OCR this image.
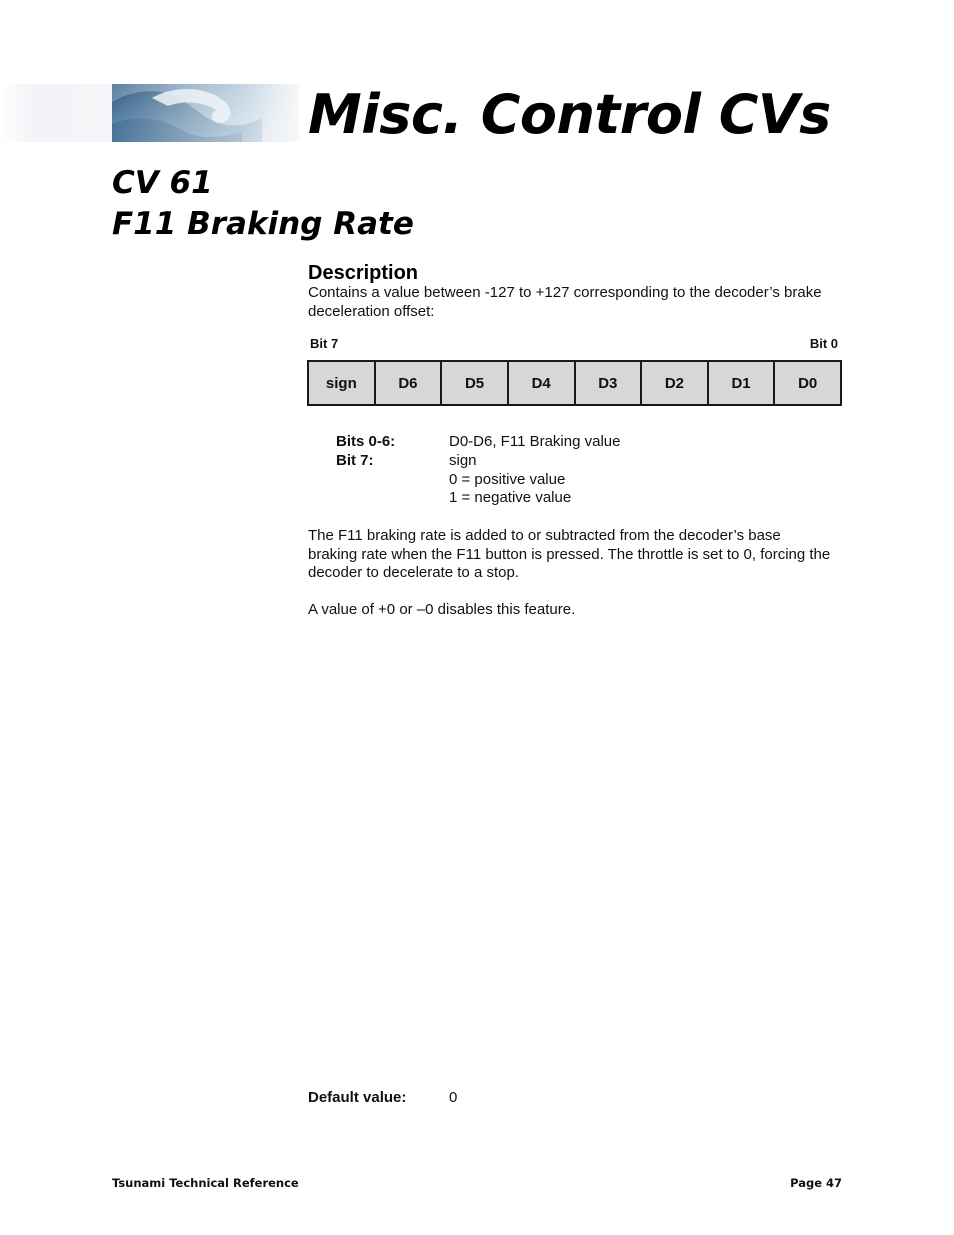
Misc. Control CVs
CV 61
F11 Braking Rate
Description
Contains a value between -127 to +127 corresponding to the decoder’s brake deceleration offset:
Bit 7	Bit 0
sign	D6	D5	D4	D3	D2	D1	D0
Bits 0-6:	D0-D6, F11 Braking value
Bit 7:	sign
0 = positive value
1 = negative value
The F11 braking rate is added to or subtracted from the decoder’s base braking rate when the F11 button is pressed. The throttle is set to 0, forcing the decoder to decelerate to a stop.
A value of +0 or –0 disables this feature.
Default value:	0
Tsunami Technical Reference	Page 47
